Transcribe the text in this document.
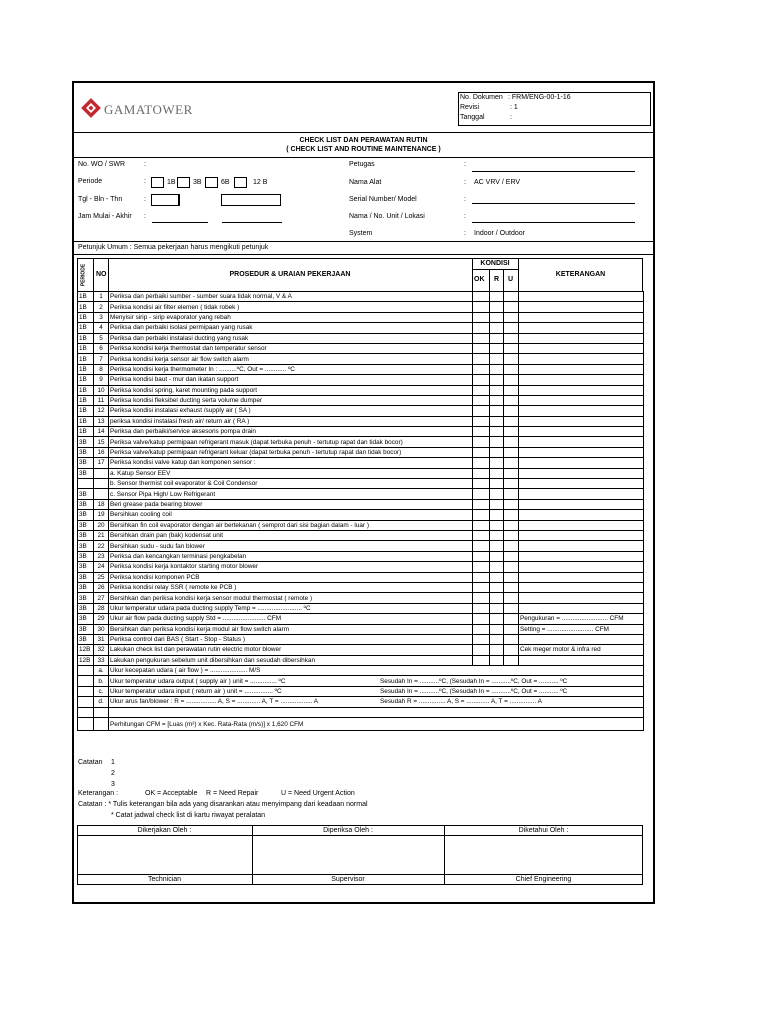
GAMATOWER
No. Dokumen : FRM/ENG-00-1-16
Revisi	: 1
Tanggal	:
CHECK LIST DAN PERAWATAN RUTIN
( CHECK LIST AND ROUTINE MAINTENANCE )
No. WO / SWR	:
Periode	:	1B 3B	6B	12 B
Tgl - Bln - Thn	:
Jam Mulai - Akhir :
Petugas	:
Nama Alat	: AC VRV / ERV
Serial Number/ Model	:
Nama / No. Unit / Lokasi	:
System	: Indoor / Outdoor
Petunjuk Umum : Semua pekerjaan harus mengikuti petunjuk
PERIODE NO	PROSEDUR & URAIAN PEKERJAAN
KONDISI
OK R U
KETERANGAN
1B	1	Periksa dan perbaiki sumber - sumber suara tidak normal, V & A				
1B	2	Periksa kondisi air filter elemen ( tidak robek )				
1B	3	Menyisir sirip - sirip evaporator yang rebah				
1B	4	Periksa dan perbaiki isolasi permipaan yang rusak				
1B	5	Periksa dan perbaiki instalasi ducting yang rusak				
1B	6	Periksa kondisi kerja thermostat dan temperatur sensor				
1B	7	Periksa kondisi kerja sensor air flow switch alarm				
1B	8	Periksa kondisi kerja thermometer In : ..........ºC, Out = ............ ºC				
1B	9	Periksa kondisi baut - mur dan ikatan support				
1B	10	Periksa kondisi spring, karet mounting pada support				
1B	11	Periksa kondisi fleksibel ducting serta volume dumper				
1B	12	Periksa kondisi instalasi exhaust /supply air ( SA )				
1B	13	periksa kondisi instalasi fresh air/ return air ( RA )				
1B	14	Periksa dan perbaiki/service aksesoris pompa drain				
3B	15	Periksa valve/katup permipaan refrigerant masuk (dapat terbuka penuh - tertutup rapat dan tidak bocor)				
3B	16	Periksa valve/katup permipaan refrigerant keluar (dapat terbuka penuh - tertutup rapat dan tidak bocor)				
3B	17	Periksa kondisi valve katup dan komponen sensor :				
3B		a. Katup Sensor EEV				
		b. Sensor thermist coil evaporator & Coil Condensor				
3B		c. Sensor Pipa High/ Low Refrigerant				
3B	18	Beri grease pada bearing blower				
3B	19	Bersihkan cooling coil				
3B	20	Bersihkan fin coil evaporator dengan air bertekanan ( semprot dari sisi bagian dalam - luar )				
3B	21	Bersihkan drain pan (bak) kodensat unit				
3B	22	Bersihkan sudu - sudu fan blower				
3B	23	Periksa dan kencangkan terminasi pengkabelan				
3B	24	Periksa kondisi kerja kontaktor starting motor blower				
3B	25	Periksa kondisi komponen PCB				
3B	26	Periksa kondisi relay SSR ( remote ke PCB )				
3B	27	Bersihkan dan periksa kondisi kerja sensor modul thermostat ( remote )				
3B	28	Ukur temperatur udara pada ducting supply Temp = ......................... ºC				
3B	29	Ukur air flow pada ducting supply Std = ........................ CFM				Pengukuran = .......................... CFM
3B	30	Bersihkan dan periksa kondisi kerja modul air flow switch alarm				Setting = .......................... CFM
3B	31	Periksa control dari BAS ( Start - Stop - Status )				
12B	32	Lakukan check list dan perawatan rutin electric motor blower				Cek meger motor & infra red
12B	33	Lakukan pengukuran sebelum unit dibersihkan dan sesudah dibersihkan				
	a.	Ukur kecepatan udara ( air flow ) = ..................... M/S				
	b.	Ukur temperatur udara output ( supply air ) unit = ............... ºC Sesudah In = ...........ºC, (Sesudah In = ...........ºC, Out = ........... ºC				
	c.	Ukur temperatur udara input ( return air ) unit = ................ ºC Sesudah In = ...........ºC, (Sesudah In = ...........ºC, Out = ........... ºC				
	d.	Ukur arus fan/blower : R = ................. A, S = ............. A, T = .................. A Sesudah R = ............... A, S = ............. A, T = ............... A				

		Perhitungan CFM = [Luas (m²) x Kec. Rata-Rata (m/s)] x 1,620 CFM				
Catatan 1
2
3
Keterangan :	OK = Acceptable R = Need Repair	U = Need Urgent Action
Catatan : * Tulis keterangan bila ada yang disarankan atau menyimpang dari keadaan normal
* Catat jadwal check list di kartu riwayat peralatan
Dikerjakan Oleh :	Diperiksa Oleh :	Diketahui Oleh :
Technician	Supervisor	Chief Engineering
